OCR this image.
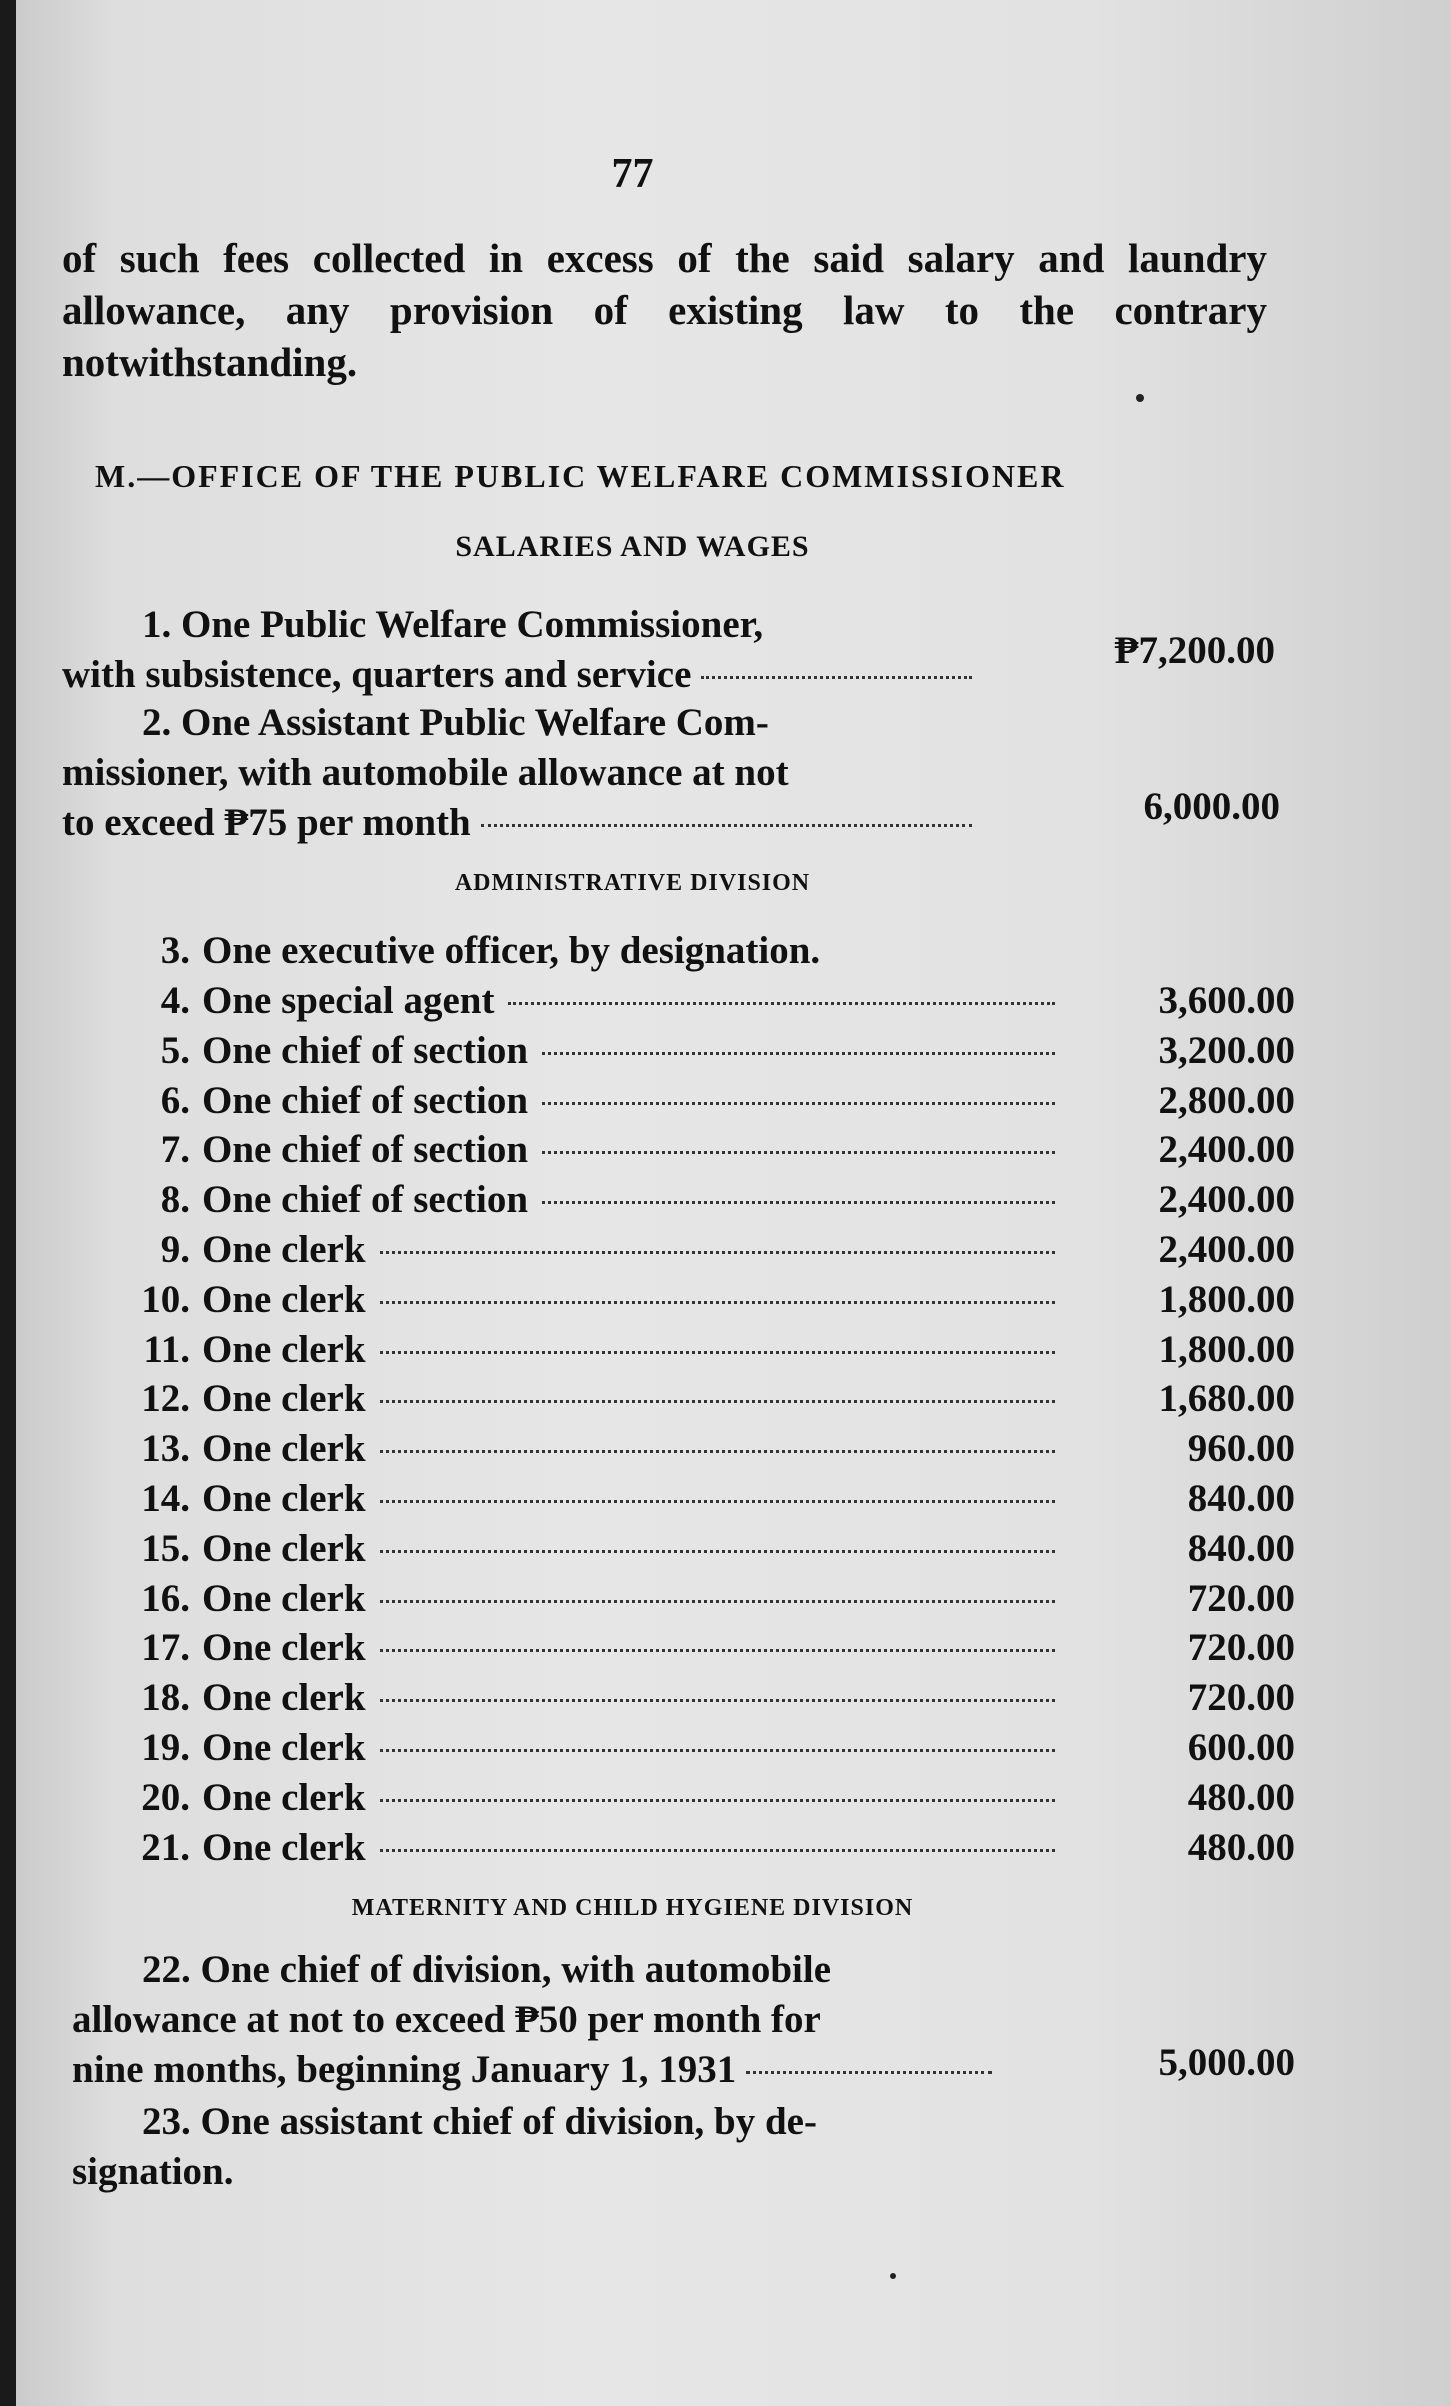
77
of such fees collected in excess of the said salary and laundry allowance, any provision of existing law to the contrary notwithstanding.
M.—OFFICE OF THE PUBLIC WELFARE COMMISSIONER
SALARIES AND WAGES
1. One Public Welfare Commissioner,
with subsistence, quarters and service
₱7,200.00
2. One Assistant Public Welfare Com-
missioner, with automobile allowance at not
to exceed ₱75 per month	6,000.00
ADMINISTRATIVE DIVISION
3. One executive officer, by designation.
4. One special agent	3,600.00
5. One chief of section	3,200.00
6. One chief of section	2,800.00
7. One chief of section	2,400.00
8. One chief of section	2,400.00
9. One clerk	2,400.00
10. One clerk	1,800.00
11. One clerk	1,800.00
12. One clerk	1,680.00
13. One clerk	960.00
14. One clerk	840.00
15. One clerk	840.00
16. One clerk	720.00
17. One clerk	720.00
18. One clerk	720.00
19. One clerk	600.00
20. One clerk	480.00
21. One clerk	480.00
MATERNITY AND CHILD HYGIENE DIVISION
22. One chief of division, with automobile
allowance at not to exceed ₱50 per month for
nine months, beginning January 1, 1931	5,000.00
23. One assistant chief of division, by de-
signation.
